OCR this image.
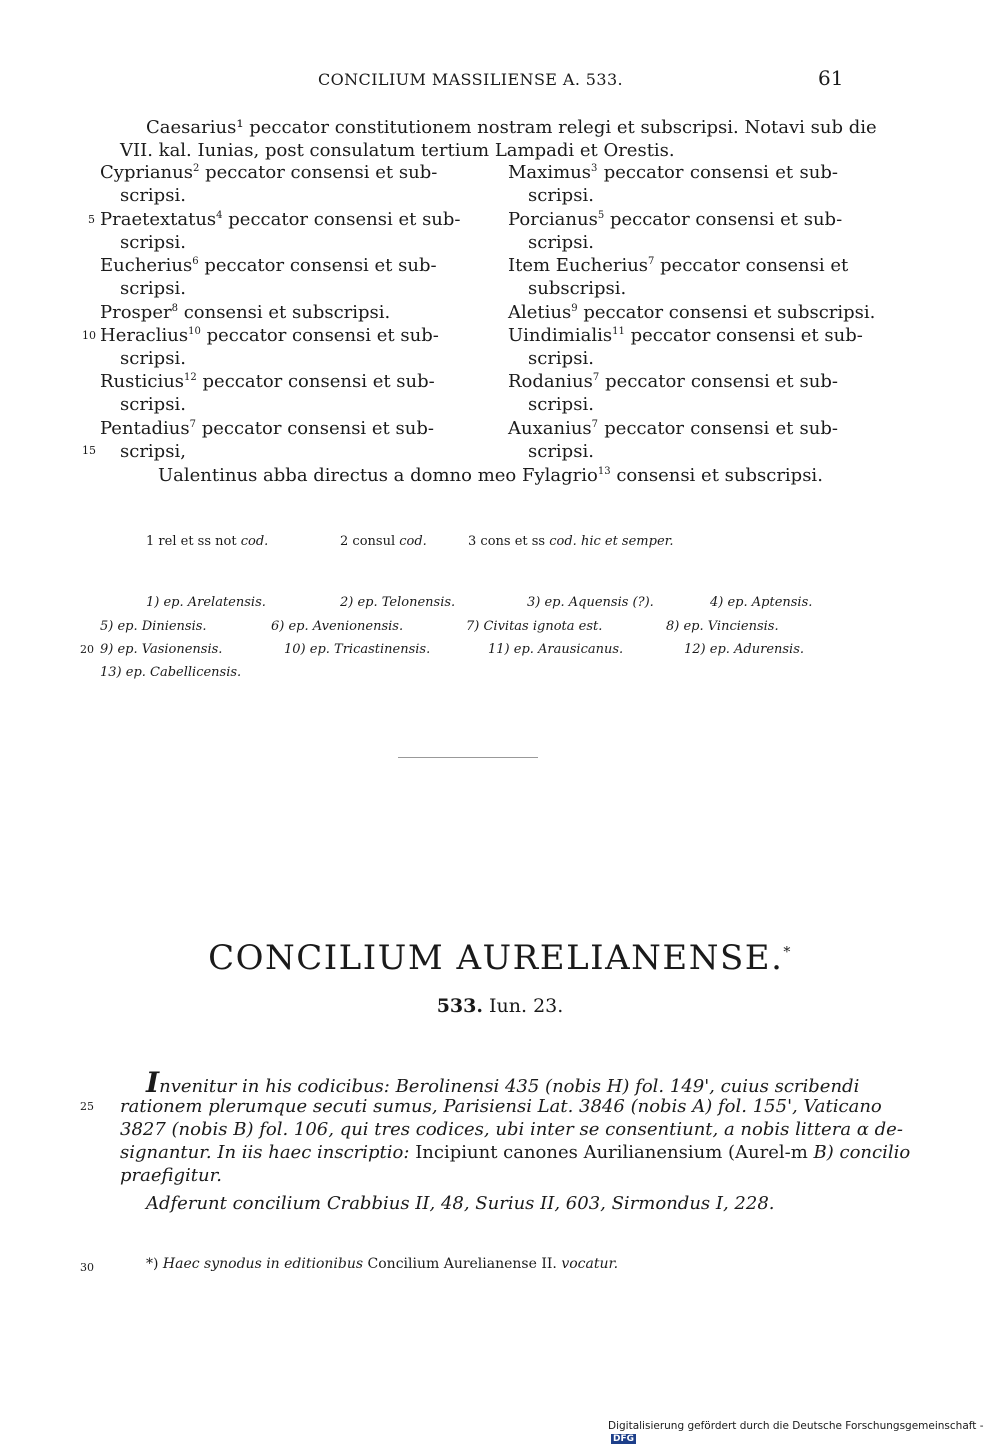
CONCILIUM MASSILIENSE A. 533.	61
Caesarius¹ peccator constitutionem nostram relegi et subscripsi. Notavi sub die
VII. kal. Iunias, post consulatum tertium Lampadi et Orestis.
Cyprianus$^2$ peccator consensi et sub-
scripsi.
Praetextatus$^4$ peccator consensi et sub-
scripsi.
Eucherius$^6$ peccator consensi et sub-
scripsi.
Prosper$^8$ consensi et subscripsi.
Heraclius$^{10}$ peccator consensi et sub-
scripsi.
Rusticius$^{12}$ peccator consensi et sub-
scripsi.
Pentadius$^7$ peccator consensi et sub-
scripsi,
Maximus$^3$ peccator consensi et sub-
scripsi.
Porcianus$^5$ peccator consensi et sub-
scripsi.
Item Eucherius$^7$ peccator consensi et
subscripsi.
Aletius$^9$ peccator consensi et subscripsi.
Uindimialis$^{11}$ peccator consensi et sub-
scripsi.
Rodanius$^7$ peccator consensi et sub-
scripsi.
Auxanius$^7$ peccator consensi et sub-
scripsi.
Ualentinus abba directus a domno meo Fylagrio$^{13}$ consensi et subscripsi.
5
10
15
20
25
30
1 rel et ss not cod.	2 consul cod.	3 cons et ss cod. hic et semper.
1) ep. Arelatensis.	2) ep. Telonensis.	3) ep. Aquensis (?).	4) ep. Aptensis.
5) ep. Diniensis.	6) ep. Avenionensis.	7) Civitas ignota est.	8) ep. Vinciensis.
9) ep. Vasionensis.	10) ep. Tricastinensis.	11) ep. Arausicanus.	12) ep. Adurensis.
13) ep. Cabellicensis.
CONCILIUM AURELIANENSE.*
533. Iun. 23.
Invenitur in his codicibus: Berolinensi 435 (nobis H) fol. 149', cuius scribendi
rationem plerumque secuti sumus, Parisiensi Lat. 3846 (nobis A) fol. 155', Vaticano
3827 (nobis B) fol. 106, qui tres codices, ubi inter se consentiunt, a nobis littera α de-
signantur. In iis haec inscriptio: Incipiunt canones Aurilianensium (Aurel-m B) concilio
praefigitur.
Adferunt concilium Crabbius II, 48, Surius II, 603, Sirmondus I, 228.
*) Haec synodus in editionibus Concilium Aurelianense II. vocatur.
Digitalisierung gefördert durch die Deutsche Forschungsgemeinschaft -DFG
